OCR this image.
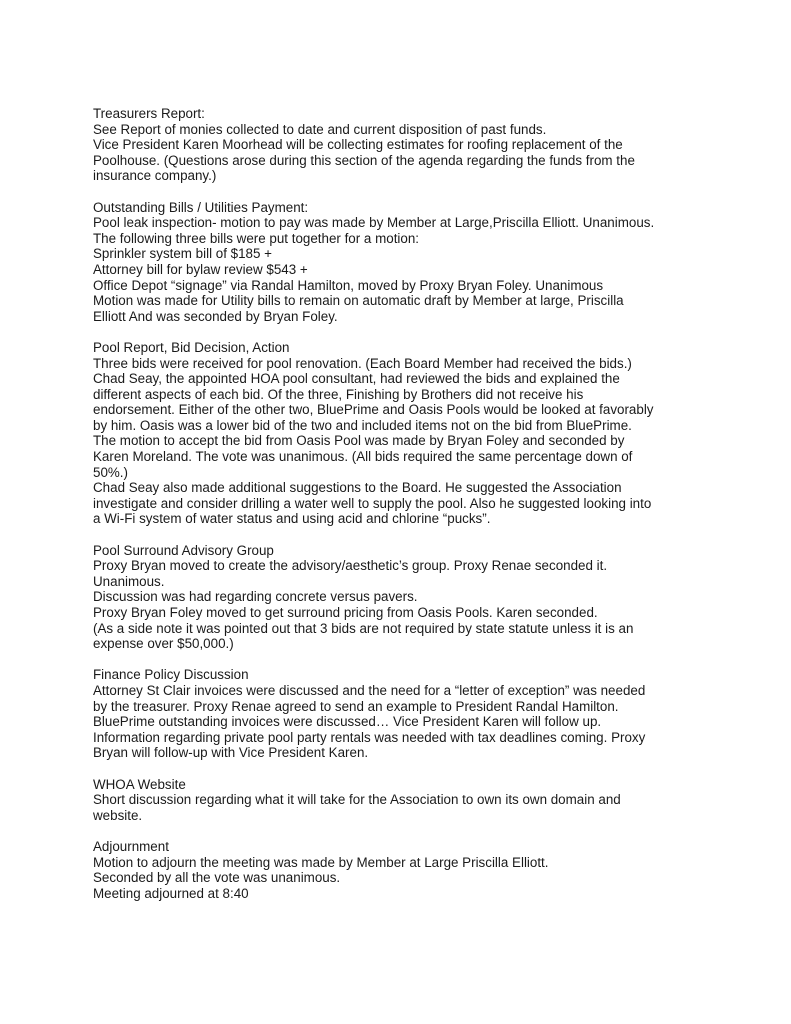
Treasurers Report:
See Report of monies collected to date and current disposition of past funds.
Vice President Karen Moorhead will be collecting estimates for roofing replacement of the
Poolhouse. (Questions arose during this section of the agenda regarding the funds from the
insurance company.)
Outstanding Bills / Utilities Payment:
Pool leak inspection- motion to pay was made by Member at Large,Priscilla Elliott. Unanimous.
The following three bills were put together for a motion:
Sprinkler system bill of $185 +
Attorney bill for bylaw review $543 +
Office Depot “signage” via Randal Hamilton, moved by Proxy Bryan Foley. Unanimous
Motion was made for Utility bills to remain on automatic draft by Member at large, Priscilla
Elliott And was seconded by Bryan Foley.
Pool Report, Bid Decision, Action
Three bids were received for pool renovation. (Each Board Member had received the bids.)
Chad Seay, the appointed HOA pool consultant, had reviewed the bids and explained the
different aspects of each bid. Of the three, Finishing by Brothers did not receive his
endorsement. Either of the other two, BluePrime and Oasis Pools would be looked at favorably
by him. Oasis was a lower bid of the two and included items not on the bid from BluePrime.
The motion to accept the bid from Oasis Pool was made by Bryan Foley and seconded by
Karen Moreland. The vote was unanimous. (All bids required the same percentage down of
50%.)
Chad Seay also made additional suggestions to the Board. He suggested the Association
investigate and consider drilling a water well to supply the pool. Also he suggested looking into
a Wi-Fi system of water status and using acid and chlorine “pucks”.
Pool Surround Advisory Group
Proxy Bryan moved to create the advisory/aesthetic’s group. Proxy Renae seconded it.
Unanimous.
Discussion was had regarding concrete versus pavers.
Proxy Bryan Foley moved to get surround pricing from Oasis Pools. Karen seconded.
(As a side note it was pointed out that 3 bids are not required by state statute unless it is an
expense over $50,000.)
Finance Policy Discussion
Attorney St Clair invoices were discussed and the need for a “letter of exception” was needed
by the treasurer. Proxy Renae agreed to send an example to President Randal Hamilton.
BluePrime outstanding invoices were discussed… Vice President Karen will follow up.
Information regarding private pool party rentals was needed with tax deadlines coming. Proxy
Bryan will follow-up with Vice President Karen.
WHOA Website
Short discussion regarding what it will take for the Association to own its own domain and
website.
Adjournment
Motion to adjourn the meeting was made by Member at Large Priscilla Elliott.
Seconded by all the vote was unanimous.
Meeting adjourned at 8:40
